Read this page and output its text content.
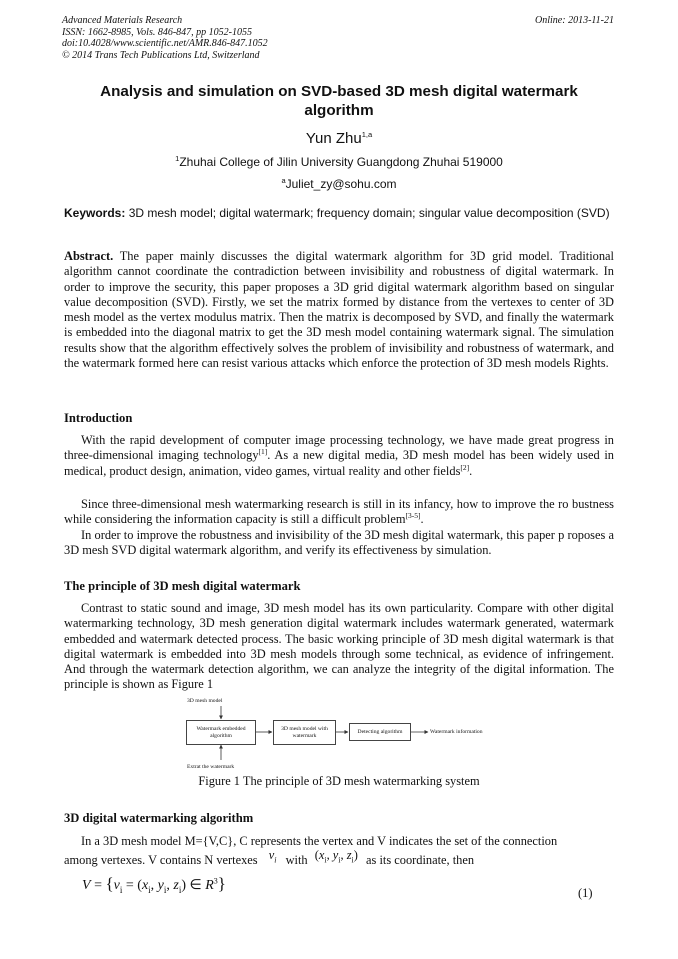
Advanced Materials Research	Online: 2013-11-21
ISSN: 1662-8985, Vols. 846-847, pp 1052-1055
doi:10.4028/www.scientific.net/AMR.846-847.1052
© 2014 Trans Tech Publications Ltd, Switzerland
Analysis and simulation on SVD-based 3D mesh digital watermark
algorithm
Yun Zhu$^{1,a}$
$^1$Zhuhai College of Jilin University Guangdong Zhuhai 519000
$^a$Juliet_zy@sohu.com

Keywords: 3D mesh model; digital watermark; frequency domain; singular value decomposition (SVD)

Abstract. The paper mainly discusses the digital watermark algorithm for 3D grid model. Traditional algorithm cannot coordinate the contradiction between invisibility and robustness of digital watermark. In order to improve the security, this paper proposes a 3D grid digital watermark algorithm based on singular value decomposition (SVD). Firstly, we set the matrix formed by distance from the vertexes to center of 3D mesh model as the vertex modulus matrix. Then the matrix is decomposed by SVD, and finally the watermark is embedded into the diagonal matrix to get the 3D mesh model containing watermark signal. The simulation results show that the algorithm effectively solves the problem of invisibility and robustness of watermark, and the watermark formed here can resist various attacks which enforce the protection of 3D mesh models Rights.

Introduction

With the rapid development of computer image processing technology, we have made great progress in three-dimensional imaging technology[1]. As a new digital media, 3D mesh model has been widely used in medical, product design, animation, video games, virtual reality and other fields[2].

Since three-dimensional mesh watermarking research is still in its infancy, how to improve the ro bustness while considering the information capacity is still a difficult problem[3-5].

In order to improve the robustness and invisibility of the 3D mesh digital watermark, this paper p roposes a 3D mesh SVD digital watermark algorithm, and verify its effectiveness by simulation.

The principle of 3D mesh digital watermark

Contrast to static sound and image, 3D mesh model has its own particularity. Compare with other digital watermarking technology, 3D mesh generation digital watermark includes watermark generated, watermark embedded and watermark detected process. The basic working principle of 3D mesh digital watermark is that digital watermark is embedded into 3D mesh models through some technical, as evidence of infringement. And through the watermark detection algorithm, we can analyze the integrity of the digital information. The principle is shown as Figure 1

3D mesh model
Watermark embedded algorithm
3D mesh model with watermark
Detecting algorithm	Watermark information
Extrat the watermark
Figure 1 The principle of 3D mesh watermarking system
3D digital watermarking algorithm

In a 3D mesh model M={V,C}, C represents the vertex and V indicates the set of the connection

among vertexes. V contains N vertexes $v_i$ with ($x_i$, $y_i$, $z_i$) as its coordinate, then
$V = \{v_i = (x_i$, $y_i$, $z_i$) ∈ $R^3$}	(1)
